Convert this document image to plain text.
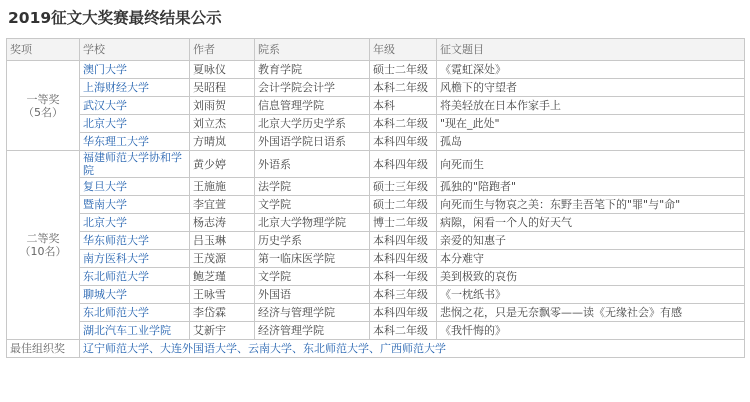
2019征文大奖赛最终结果公示
奖项	学校	作者	院系	年级	征文题目

一等奖
（5名）	澳门大学	夏咏仪	教育学院	硕士二年级	《霓虹深处》
	上海财经大学	吴昭程	会计学院会计学	本科二年级	风檐下的守望者
	武汉大学	刘雨贺	信息管理学院	本科	将美轻放在日本作家手上
	北京大学	刘立杰	北京大学历史学系	本科二年级	"现在_此处"
	华东理工大学	方晴岚	外国语学院日语系	本科四年级	孤岛

二等奖
（10名）	福建师范大学协和学院	黄少婷	外语系	本科四年级	向死而生
	复旦大学	王施施	法学院	硕士三年级	孤独的"陪跑者"
	暨南大学	李宜萱	文学院	硕士二年级	向死而生与物哀之美：东野圭吾笔下的"罪"与"命"
	北京大学	杨志涛	北京大学物理学院	博士二年级	病隙，闲看一个人的好天气
	华东师范大学	吕玉琳	历史学系	本科四年级	亲爱的知惠子
	南方医科大学	王茂源	第一临床医学院	本科四年级	本分难守
	东北师范大学	鲍芝瑾	文学院	本科一年级	美到极致的哀伤
	聊城大学	王咏雪	外国语	本科三年级	《一枕纸书》
	东北师范大学	李岱霖	经济与管理学院	本科四年级	悲悯之花，只是无奈飘零——读《无缘社会》有感
	湖北汽车工业学院	艾新宇	经济管理学院	本科二年级	《我忏悔的》
最佳组织奖	辽宁师范大学、大连外国语大学、云南大学、东北师范大学、广西师范大学				
